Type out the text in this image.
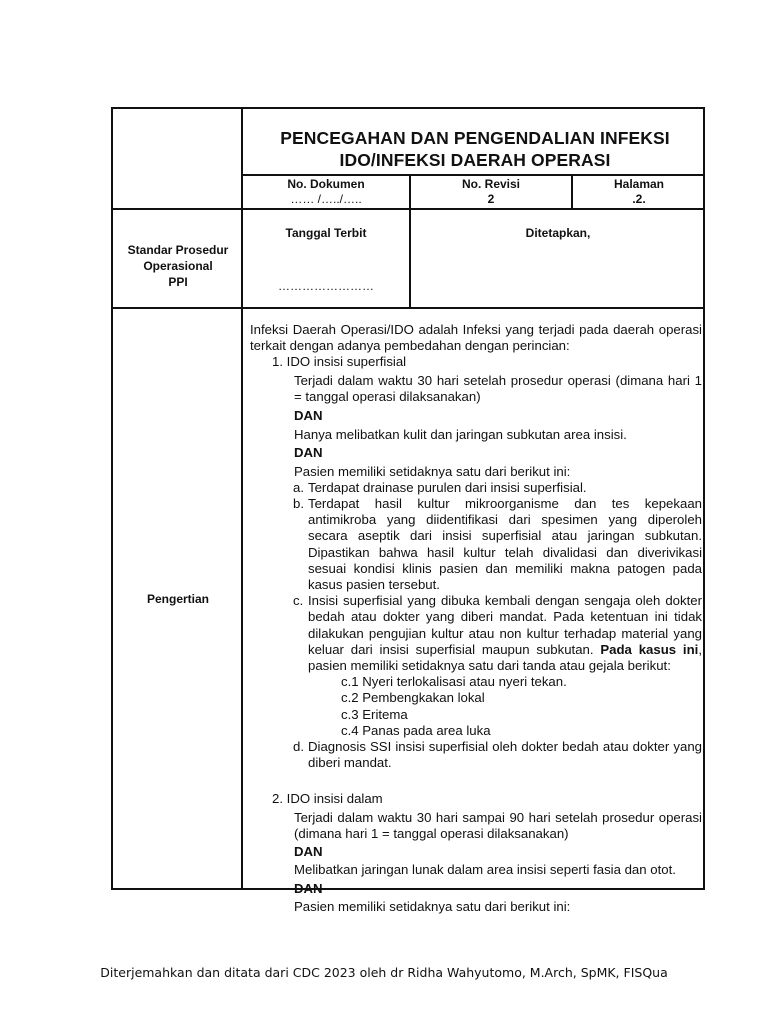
PENCEGAHAN DAN PENGENDALIAN INFEKSI
IDO/INFEKSI DAERAH OPERASI
No. Dokumen
…… /…../…..
No. Revisi
2
Halaman
.2.
Standar Prosedur
Operasional
PPI
Tanggal Terbit
……………………
Ditetapkan,
Pengertian

Infeksi Daerah Operasi/IDO adalah Infeksi yang terjadi pada daerah operasi terkait dengan adanya pembedahan dengan perincian:

1. IDO insisi superfisial

Terjadi dalam waktu 30 hari setelah prosedur operasi (dimana hari 1 = tanggal operasi dilaksanakan)

DAN

Hanya melibatkan kulit dan jaringan subkutan area insisi.

DAN

Pasien memiliki setidaknya satu dari berikut ini:

a. Terdapat drainase purulen dari insisi superfisial.

b. Terdapat hasil kultur mikroorganisme dan tes kepekaan antimikroba yang diidentifikasi dari spesimen yang diperoleh secara aseptik dari insisi superfisial atau jaringan subkutan. Dipastikan bahwa hasil kultur telah divalidasi dan diverivikasi sesuai kondisi klinis pasien dan memiliki makna patogen pada kasus pasien tersebut.

c. Insisi superfisial yang dibuka kembali dengan sengaja oleh dokter bedah atau dokter yang diberi mandat. Pada ketentuan ini tidak dilakukan pengujian kultur atau non kultur terhadap material yang keluar dari insisi superfisial maupun subkutan. Pada kasus ini, pasien memiliki setidaknya satu dari tanda atau gejala berikut:

c.1 Nyeri terlokalisasi atau nyeri tekan.

c.2 Pembengkakan lokal

c.3 Eritema

c.4 Panas pada area luka

d. Diagnosis SSI insisi superfisial oleh dokter bedah atau dokter yang diberi mandat.

2. IDO insisi dalam

Terjadi dalam waktu 30 hari sampai 90 hari setelah prosedur operasi (dimana hari 1 = tanggal operasi dilaksanakan)

DAN

Melibatkan jaringan lunak dalam area insisi seperti fasia dan otot.

DAN

Pasien memiliki setidaknya satu dari berikut ini:

Diterjemahkan dan ditata dari CDC 2023 oleh dr Ridha Wahyutomo, M.Arch, SpMK, FISQua
